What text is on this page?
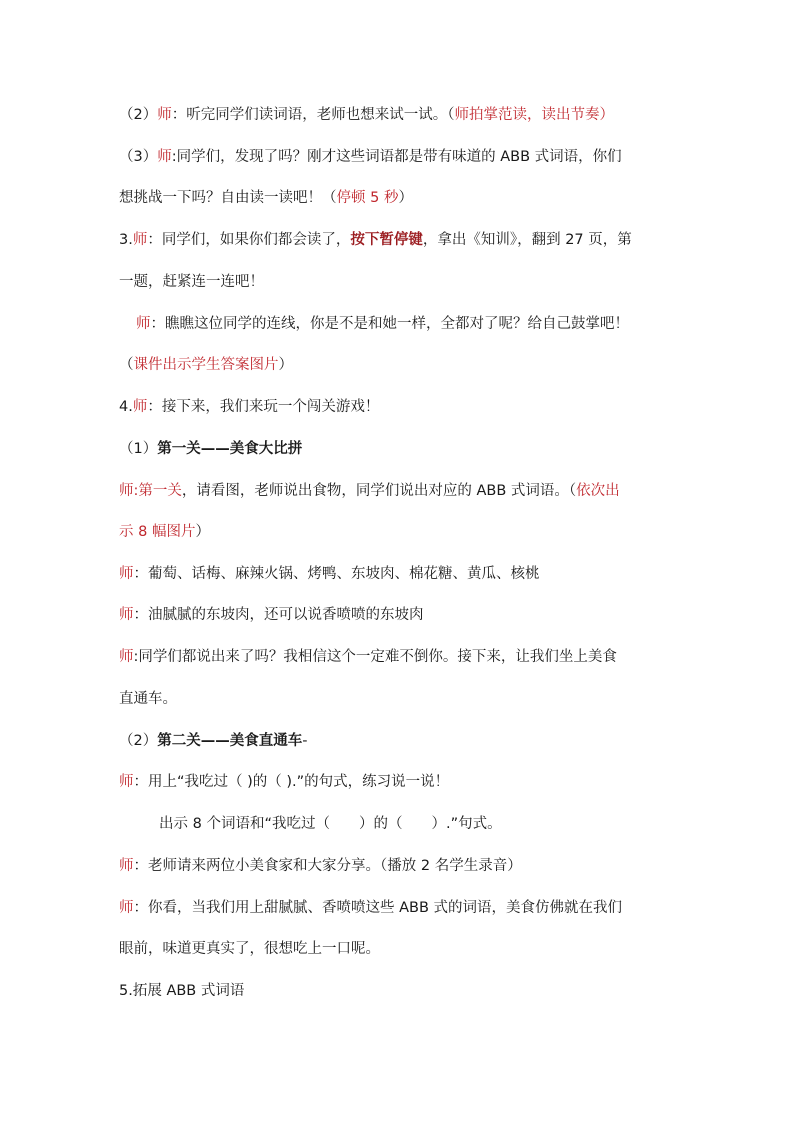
（2）师：听完同学们读词语，老师也想来试一试。（师拍掌范读，读出节奏）
（3）师:同学们，发现了吗？刚才这些词语都是带有味道的 ABB 式词语，你们
想挑战一下吗？自由读一读吧！（停顿 5 秒）
3.师：同学们，如果你们都会读了，按下暂停键，拿出《知训》，翻到 27 页，第
一题，赶紧连一连吧！
师：瞧瞧这位同学的连线，你是不是和她一样，全都对了呢？给自己鼓掌吧！
（课件出示学生答案图片）
4.师：接下来，我们来玩一个闯关游戏！
（1）第一关——美食大比拼
师:第一关，请看图，老师说出食物，同学们说出对应的 ABB 式词语。（依次出
示 8 幅图片）
师：葡萄、话梅、麻辣火锅、烤鸭、东坡肉、棉花糖、黄瓜、核桃
师：油腻腻的东坡肉，还可以说香喷喷的东坡肉
师:同学们都说出来了吗？我相信这个一定难不倒你。接下来，让我们坐上美食
直通车。
（2）第二关——美食直通车-
师：用上“我吃过（ )的（ ).”的句式，练习说一说！
出示 8 个词语和“我吃过（　　）的（　　）.”句式。
师：老师请来两位小美食家和大家分享。（播放 2 名学生录音）
师：你看，当我们用上甜腻腻、香喷喷这些 ABB 式的词语，美食仿佛就在我们
眼前，味道更真实了，很想吃上一口呢。
5.拓展 ABB 式词语
